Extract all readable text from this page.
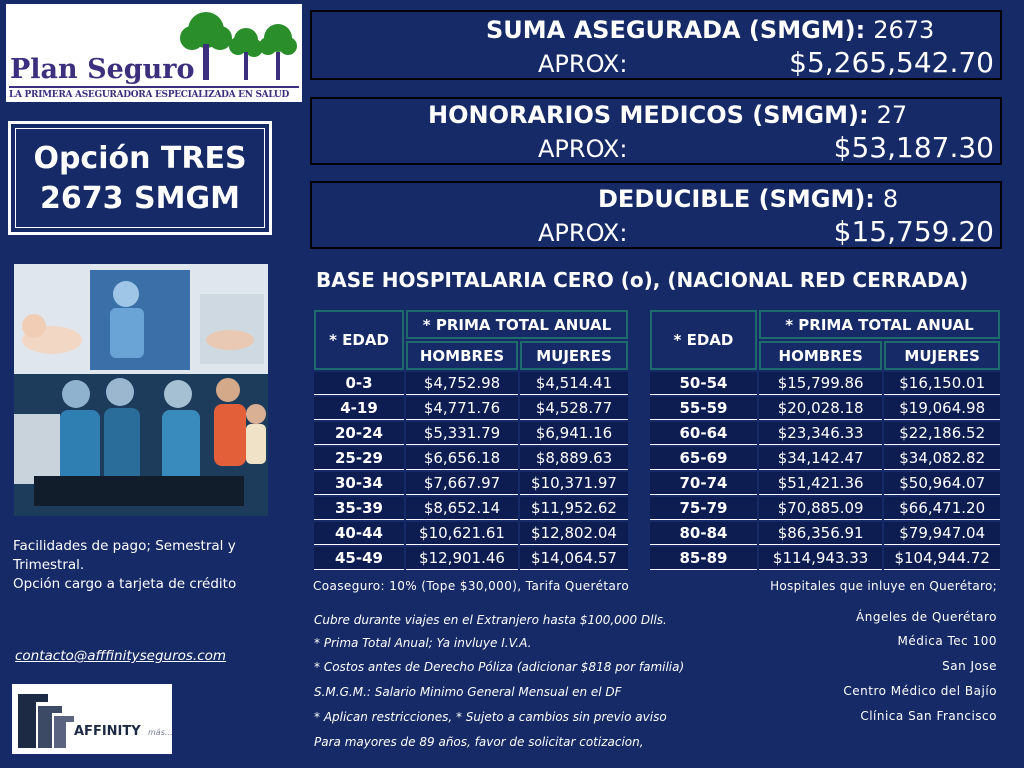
Plan Seguro
LA PRIMERA ASEGURADORA ESPECIALIZADA EN SALUD
SUMA ASEGURADA (SMGM): 2673
APROX:	$5,265,542.70
HONORARIOS MEDICOS (SMGM): 27
APROX:	$53,187.30
DEDUCIBLE (SMGM): 8
APROX:	$15,759.20
Opción TRES
2673 SMGM
BASE HOSPITALARIA CERO (o), (NACIONAL RED CERRADA)
* EDAD	* PRIMA TOTAL ANUAL	
	HOMBRES	MUJERES
0-3	$4,752.98	$4,514.41
4-19	$4,771.76	$4,528.77
20-24	$5,331.79	$6,941.16
25-29	$6,656.18	$8,889.63
30-34	$7,667.97	$10,371.97
35-39	$8,652.14	$11,952.62
40-44	$10,621.61	$12,802.04
45-49	$12,901.46	$14,064.57
* EDAD	* PRIMA TOTAL ANUAL	
	HOMBRES	MUJERES
50-54	$15,799.86	$16,150.01
55-59	$20,028.18	$19,064.98
60-64	$23,346.33	$22,186.52
65-69	$34,142.47	$34,082.82
70-74	$51,421.36	$50,964.07
75-79	$70,885.09	$66,471.20
80-84	$86,356.91	$79,947.04
85-89	$114,943.33	$104,944.72
Facilidades de pago; Semestral y Trimestral.
Opción cargo a tarjeta de crédito
contacto@afffinityseguros.com
Coaseguro: 10% (Tope $30,000), Tarifa Querétaro	Hospitales que inluye en Querétaro;
Cubre durante viajes en el Extranjero hasta $100,000 Dlls.
* Prima Total Anual; Ya invluye I.V.A.
* Costos antes de Derecho Póliza (adicionar $818 por familia)
S.M.G.M.: Salario Minimo General Mensual en el DF
* Aplican restricciones, * Sujeto a cambios sin previo aviso
Para mayores de 89 años, favor de solicitar cotizacion,
Ángeles de Querétaro
Médica Tec 100
San Jose
Centro Médico del Bajío
Clínica San Francisco
AFFINITY más...
